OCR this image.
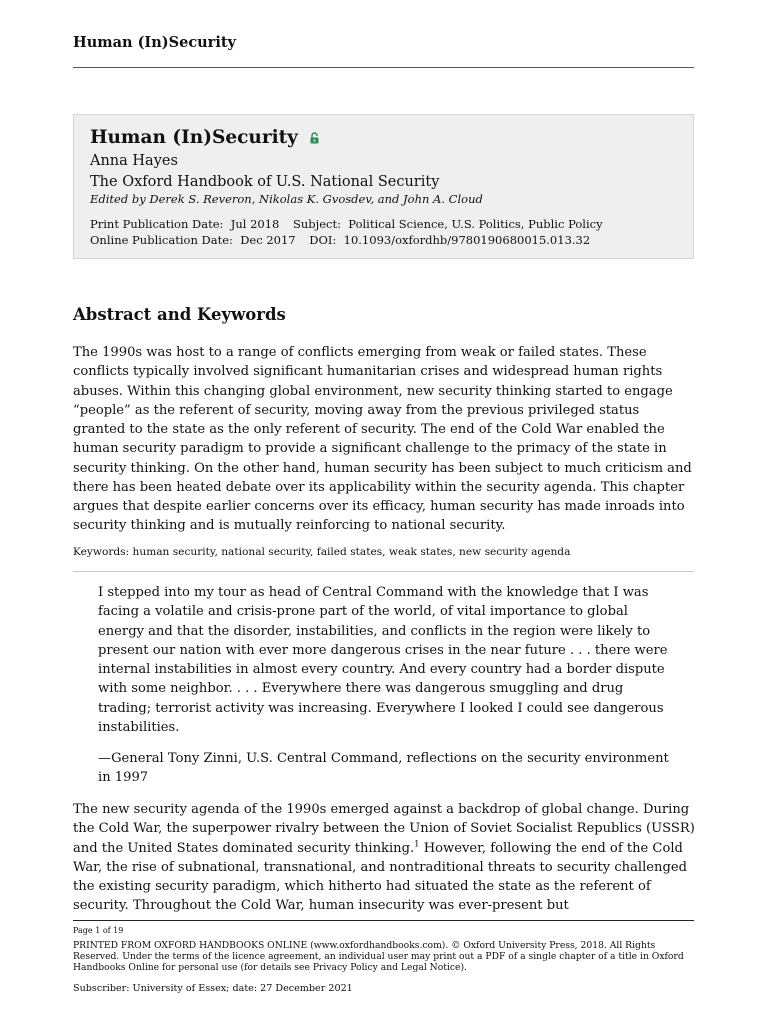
Human (In)Security
Human (In)Security
Anna Hayes
The Oxford Handbook of U.S. National Security
Edited by Derek S. Reveron, Nikolas K. Gvosdev, and John A. Cloud
Print Publication Date: Jul 2018 Subject: Political Science, U.S. Politics, Public Policy
Online Publication Date: Dec 2017 DOI: 10.1093/oxfordhb/9780190680015.013.32
Abstract and Keywords

The 1990s was host to a range of conflicts emerging from weak or failed states. These conflicts typically involved significant humanitarian crises and widespread human rights abuses. Within this changing global environment, new security thinking started to engage “people” as the referent of security, moving away from the previous privileged status granted to the state as the only referent of security. The end of the Cold War enabled the human security paradigm to provide a significant challenge to the primacy of the state in security thinking. On the other hand, human security has been subject to much criticism and there has been heated debate over its applicability within the security agenda. This chapter argues that despite earlier concerns over its efficacy, human security has made inroads into security thinking and is mutually reinforcing to national security.

Keywords: human security, national security, failed states, weak states, new security agenda

I stepped into my tour as head of Central Command with the knowledge that I was facing a volatile and crisis-prone part of the world, of vital importance to global energy and that the disorder, instabilities, and conflicts in the region were likely to present our nation with ever more dangerous crises in the near future . . . there were internal instabilities in almost every country. And every country had a border dispute with some neighbor. . . . Everywhere there was dangerous smuggling and drug trading; terrorist activity was increasing. Everywhere I looked I could see dangerous instabilities.

—General Tony Zinni, U.S. Central Command, reflections on the security environment in 1997

The new security agenda of the 1990s emerged against a backdrop of global change. During the Cold War, the superpower rivalry between the Union of Soviet Socialist Republics (USSR) and the United States dominated security thinking.$^1$ However, following the end of the Cold War, the rise of subnational, transnational, and nontraditional threats to security challenged the existing security paradigm, which hitherto had situated the state as the referent of security. Throughout the Cold War, human insecurity was ever-present but

Page 1 of 19

PRINTED FROM OXFORD HANDBOOKS ONLINE (www.oxfordhandbooks.com). © Oxford University Press, 2018. All Rights Reserved. Under the terms of the licence agreement, an individual user may print out a PDF of a single chapter of a title in Oxford Handbooks Online for personal use (for details see Privacy Policy and Legal Notice).

Subscriber: University of Essex; date: 27 December 2021
